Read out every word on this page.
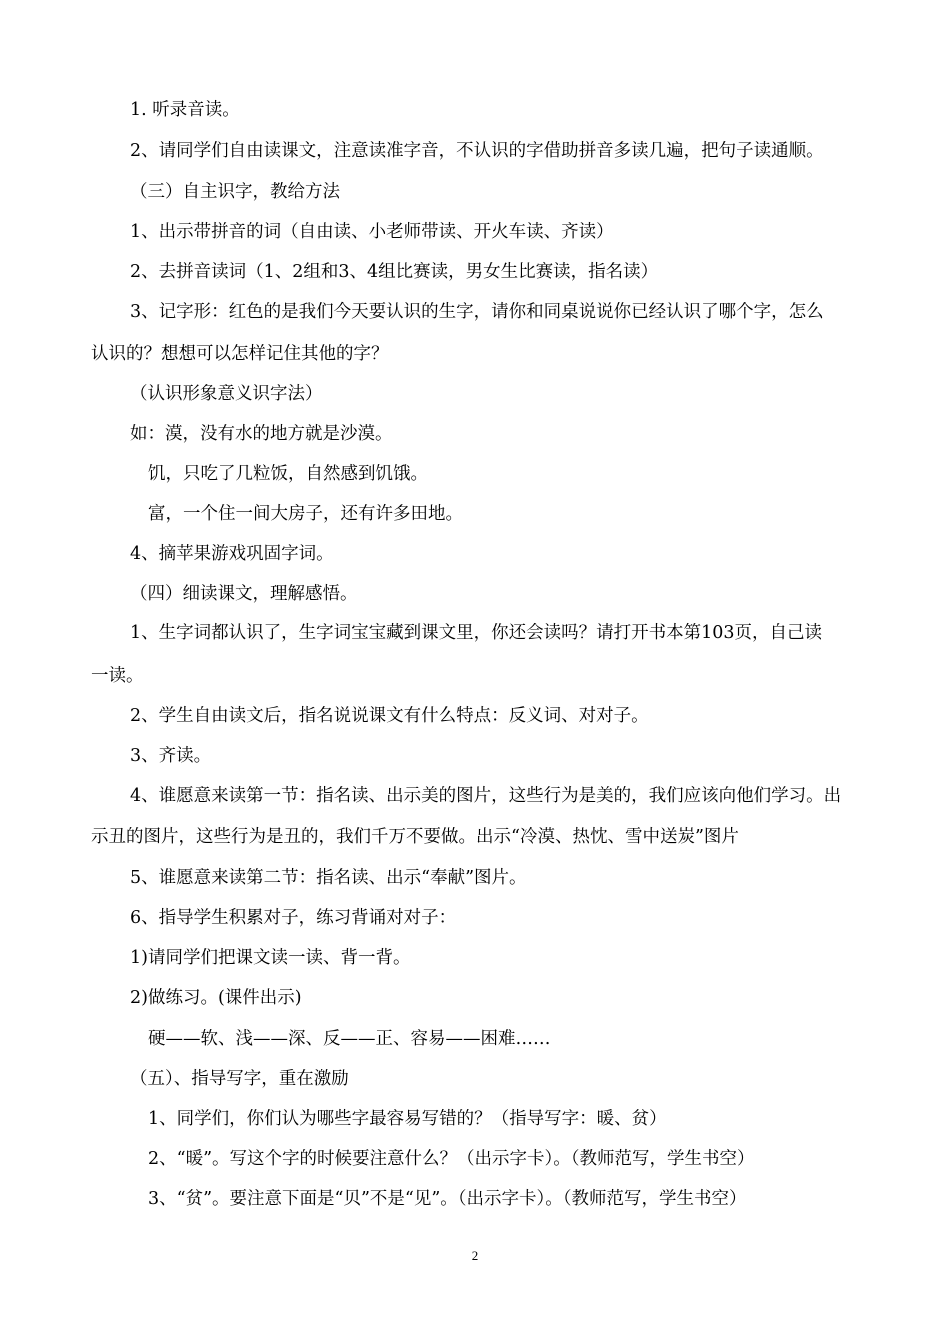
1. 听录音读。
2、请同学们自由读课文，注意读准字音，不认识的字借助拼音多读几遍，把句子读通顺。
（三）自主识字，教给方法
1、出示带拼音的词（自由读、小老师带读、开火车读、齐读）
2、去拼音读词（1、2组和3、4组比赛读，男女生比赛读，指名读）
3、记字形：红色的是我们今天要认识的生字，请你和同桌说说你已经认识了哪个字，怎么
认识的？想想可以怎样记住其他的字？
（认识形象意义识字法）
如：漠，没有水的地方就是沙漠。
饥，只吃了几粒饭，自然感到饥饿。
富，一个住一间大房子，还有许多田地。
4、摘苹果游戏巩固字词。
（四）细读课文，理解感悟。
1、生字词都认识了，生字词宝宝藏到课文里，你还会读吗？请打开书本第103页，自己读
一读。
2、学生自由读文后，指名说说课文有什么特点：反义词、对对子。
3、齐读。
4、谁愿意来读第一节：指名读、出示美的图片，这些行为是美的，我们应该向他们学习。出
示丑的图片，这些行为是丑的，我们千万不要做。出示“冷漠、热忱、雪中送炭”图片
5、谁愿意来读第二节：指名读、出示“奉献”图片。
6、指导学生积累对子，练习背诵对对子：
1)请同学们把课文读一读、背一背。
2)做练习。(课件出示)
硬——软、浅——深、反——正、容易——困难……
（五）、指导写字，重在激励
1、同学们，你们认为哪些字最容易写错的？（指导写字：暖、贫）
2、“暖”。写这个字的时候要注意什么？（出示字卡）。（教师范写，学生书空）
3、“贫”。要注意下面是“贝”不是“见”。（出示字卡）。（教师范写，学生书空）
2
